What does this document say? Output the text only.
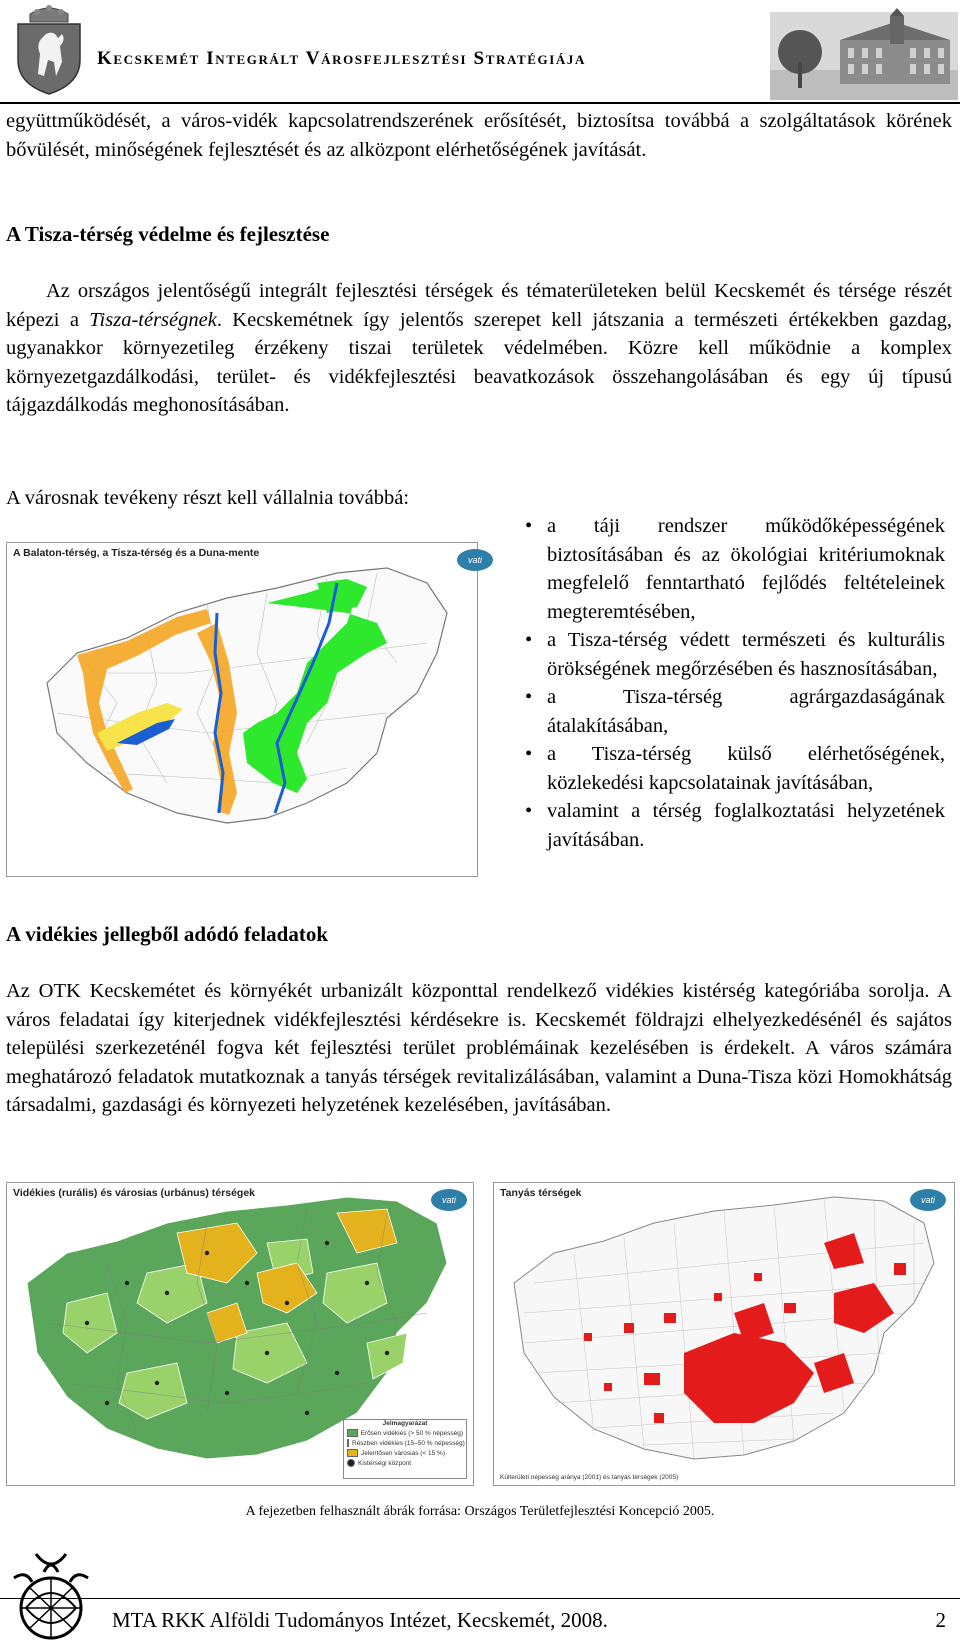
Kecskemét Integrált Városfejlesztési Stratégiája
együttműködését, a város-vidék kapcsolatrendszerének erősítését, biztosítsa továbbá a szolgáltatások körének bővülését, minőségének fejlesztését és az alközpont elérhetőségének javítását.
A Tisza-térség védelme és fejlesztése
Az országos jelentőségű integrált fejlesztési térségek és tématerületeken belül Kecskemét és térsége részét képezi a Tisza-térségnek. Kecskemétnek így jelentős szerepet kell játszania a természeti értékekben gazdag, ugyanakkor környezetileg érzékeny tiszai területek védelmében. Közre kell működnie a komplex környezetgazdálkodási, terület- és vidékfejlesztési beavatkozások összehangolásában és egy új típusú tájgazdálkodás meghonosításában.
A városnak tevékeny részt kell vállalnia továbbá:
A Balaton-térség, a Tisza-térség és a Duna-mente
vati
• a táji rendszer működőképességének biztosításában és az ökológiai kritériumoknak megfelelő fenntartható fejlődés feltételeinek megteremtésében,
• a Tisza-térség védett természeti és kulturális örökségének megőrzésében és hasznosításában,
• a Tisza-térség agrárgazdaságának átalakításában,
• a Tisza-térség külső elérhetőségének, közlekedési kapcsolatainak javításában,
• valamint a térség foglalkoztatási helyzetének javításában.
A vidékies jellegből adódó feladatok
Az OTK Kecskemétet és környékét urbanizált központtal rendelkező vidékies kistérség kategóriába sorolja. A város feladatai így kiterjednek vidékfejlesztési kérdésekre is. Kecskemét földrajzi elhelyezkedésénél és sajátos települési szerkezeténél fogva két fejlesztési terület problémáinak kezelésében is érdekelt. A város számára meghatározó feladatok mutatkoznak a tanyás térségek revitalizálásában, valamint a Duna-Tisza közi Homokhátság társadalmi, gazdasági és környezeti helyzetének kezelésében, javításában.
Vidékies (rurális) és városias (urbánus) térségek
vati
Jelmagyarázat
Erősen vidékies (> 50 % népesség)
Részben vidékies (15–50 % népesség)
Jelentősen városias (< 15 %)
Kistérségi központ
Tanyás térségek
vati
Külterületi népesség aránya (2001) és tanyás térségek (2005)
A fejezetben felhasznált ábrák forrása: Országos Területfejlesztési Koncepció 2005.
MTA RKK Alföldi Tudományos Intézet, Kecskemét, 2008.	2
